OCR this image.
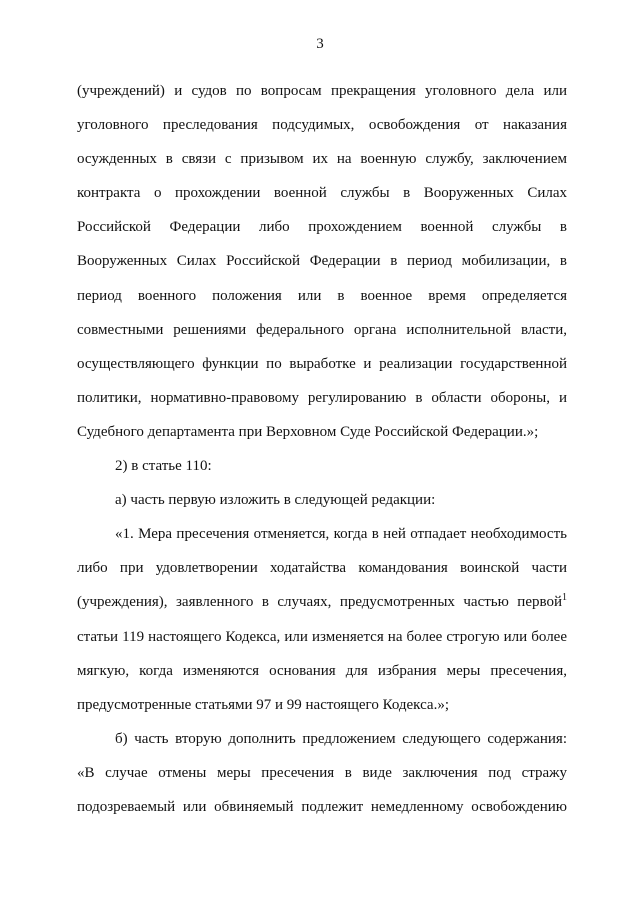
3
(учреждений) и судов по вопросам прекращения уголовного дела или
уголовного преследования подсудимых, освобождения от наказания
осужденных в связи с призывом их на военную службу, заключением
контракта о прохождении военной службы в Вооруженных Силах
Российской Федерации либо прохождением военной службы в
Вооруженных Силах Российской Федерации в период мобилизации, в
период военного положения или в военное время определяется
совместными решениями федерального органа исполнительной власти,
осуществляющего функции по выработке и реализации государственной
политики, нормативно-правовому регулированию в области обороны, и
Судебного департамента при Верховном Суде Российской Федерации.»;
2) в статье 110:
а) часть первую изложить в следующей редакции:
«1. Мера пресечения отменяется, когда в ней отпадает необходимость
либо при удовлетворении ходатайства командования воинской части
(учреждения), заявленного в случаях, предусмотренных частью первой$^1$
статьи 119 настоящего Кодекса, или изменяется на более строгую или более
мягкую, когда изменяются основания для избрания меры пресечения,
предусмотренные статьями 97 и 99 настоящего Кодекса.»;
б) часть вторую дополнить предложением следующего содержания:
«В случае отмены меры пресечения в виде заключения под стражу
подозреваемый или обвиняемый подлежит немедленному освобождению
